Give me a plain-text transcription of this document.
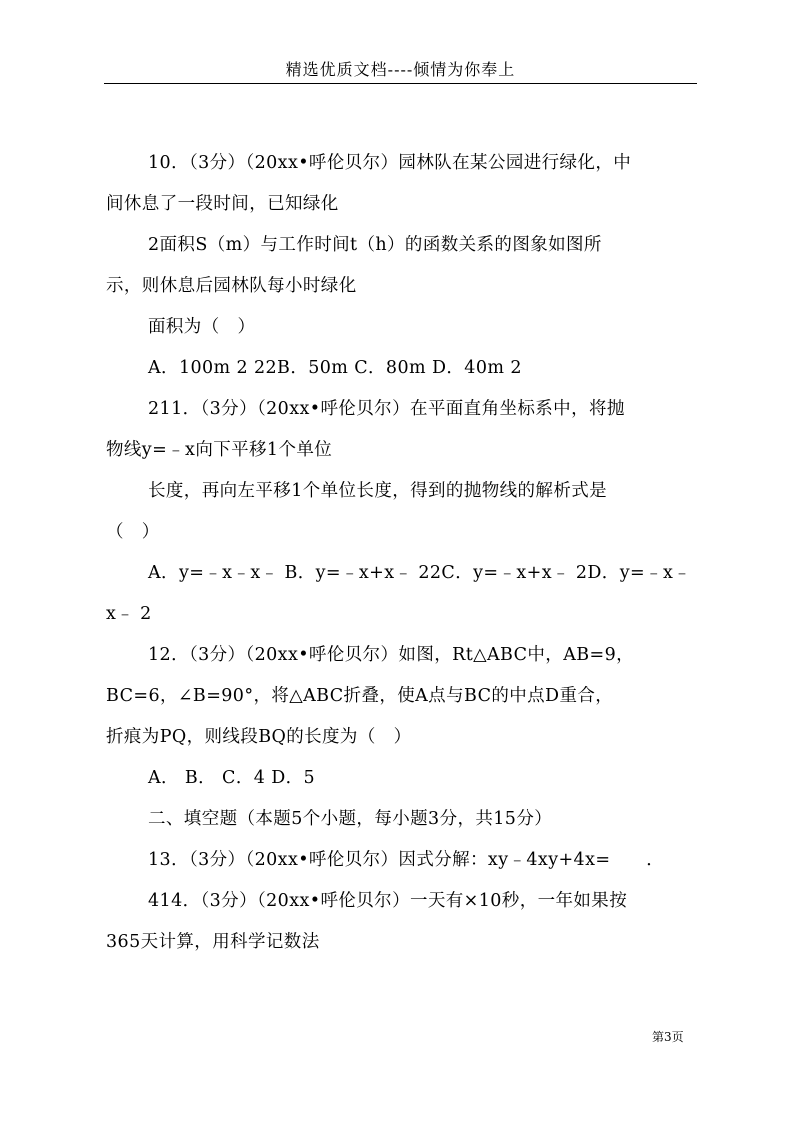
精选优质文档----倾情为你奉上
10．（3分）（20xx•呼伦贝尔）园林队在某公园进行绿化，中
间休息了一段时间，已知绿化
2面积S（m）与工作时间t（h）的函数关系的图象如图所
示，则休息后园林队每小时绿化
面积为（　）
A．100m 2 22B．50m C．80m D．40m 2
211．（3分）（20xx•呼伦贝尔）在平面直角坐标系中，将抛
物线y=﹣x向下平移1个单位
长度，再向左平移1个单位长度，得到的抛物线的解析式是
（　）
A．y=﹣x﹣x﹣ B．y=﹣x+x﹣ 22C．y=﹣x+x﹣ 2D．y=﹣x﹣
x﹣ 2
12．（3分）（20xx•呼伦贝尔）如图，Rt△ABC中，AB=9，
BC=6，∠B=90°，将△ABC折叠，使A点与BC的中点D重合，
折痕为PQ，则线段BQ的长度为（　）
A． B． C．4 D．5
二、填空题（本题5个小题，每小题3分，共15分）
13．（3分）（20xx•呼伦贝尔）因式分解：xy﹣4xy+4x=　　．
414．（3分）（20xx•呼伦贝尔）一天有×10秒，一年如果按
365天计算，用科学记数法
第3页
